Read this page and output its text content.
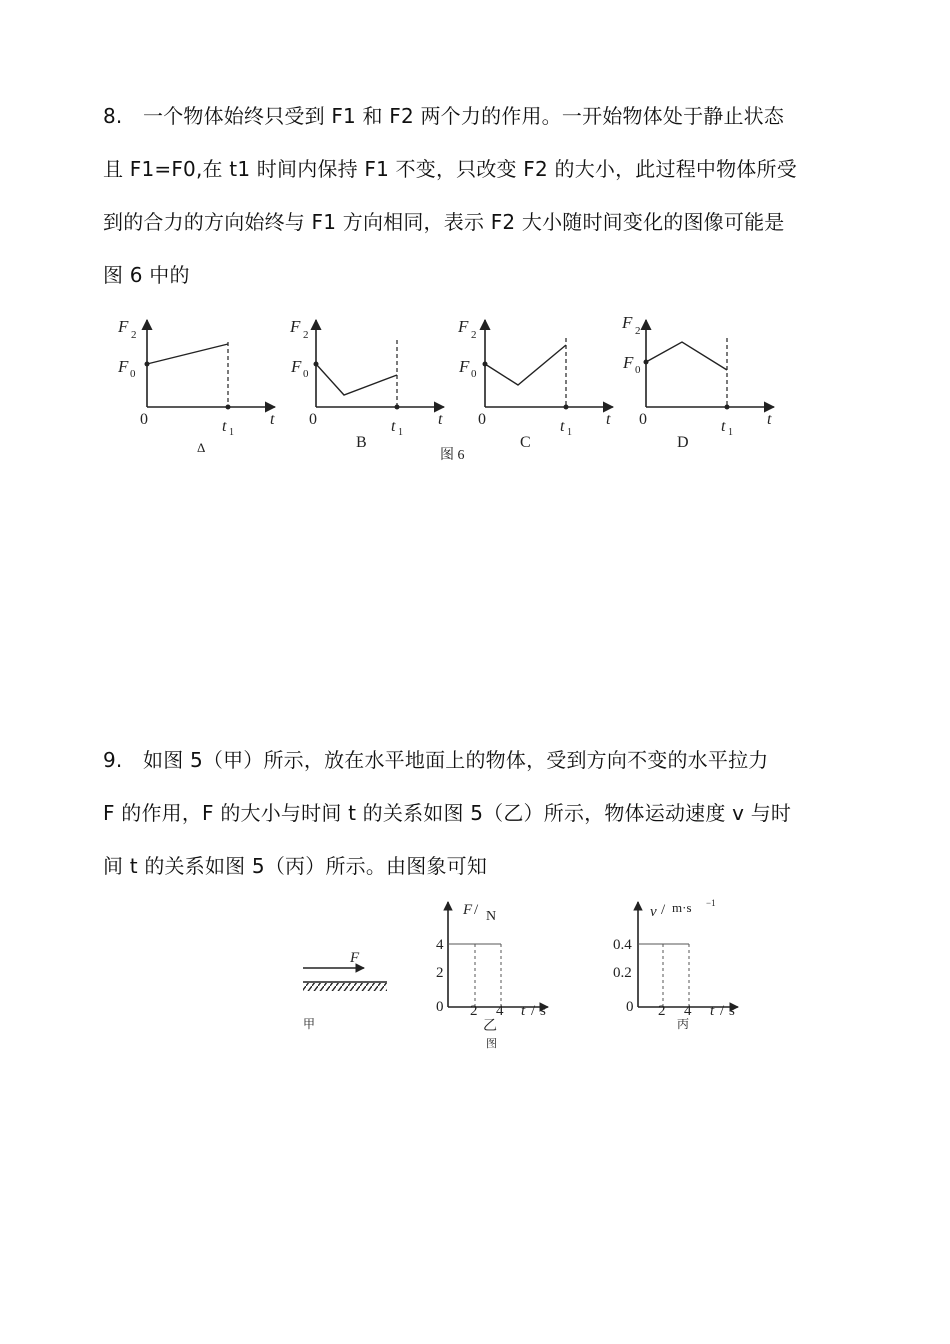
8. 一个物体始终只受到 F1 和 F2 两个力的作用。一开始物体处于静止状态
且 F1=F0,在 t1 时间内保持 F1 不变，只改变 F2 的大小，此过程中物体所受
到的合力的方向始终与 F1 方向相同，表示 F2 大小随时间变化的图像可能是
图 6 中的
F 2
F 0
0	t 1
t
Δ
F 2
F 0
0	t 1
t
B
F 2
F 0
0	t 1
t
C
F 2
F 0
0	t 1
t
D
图 6
9. 如图 5（甲）所示，放在水平地面上的物体，受到方向不变的水平拉力
F 的作用，F 的大小与时间 t 的关系如图 5（乙）所示，物体运动速度 v 与时
间 t 的关系如图 5（丙）所示。由图象可知
F
甲
F / N
4
2
0 2 4 t / s
乙
图
v / m·s −1
0.4
0.2
0 2 4 t / s
丙
